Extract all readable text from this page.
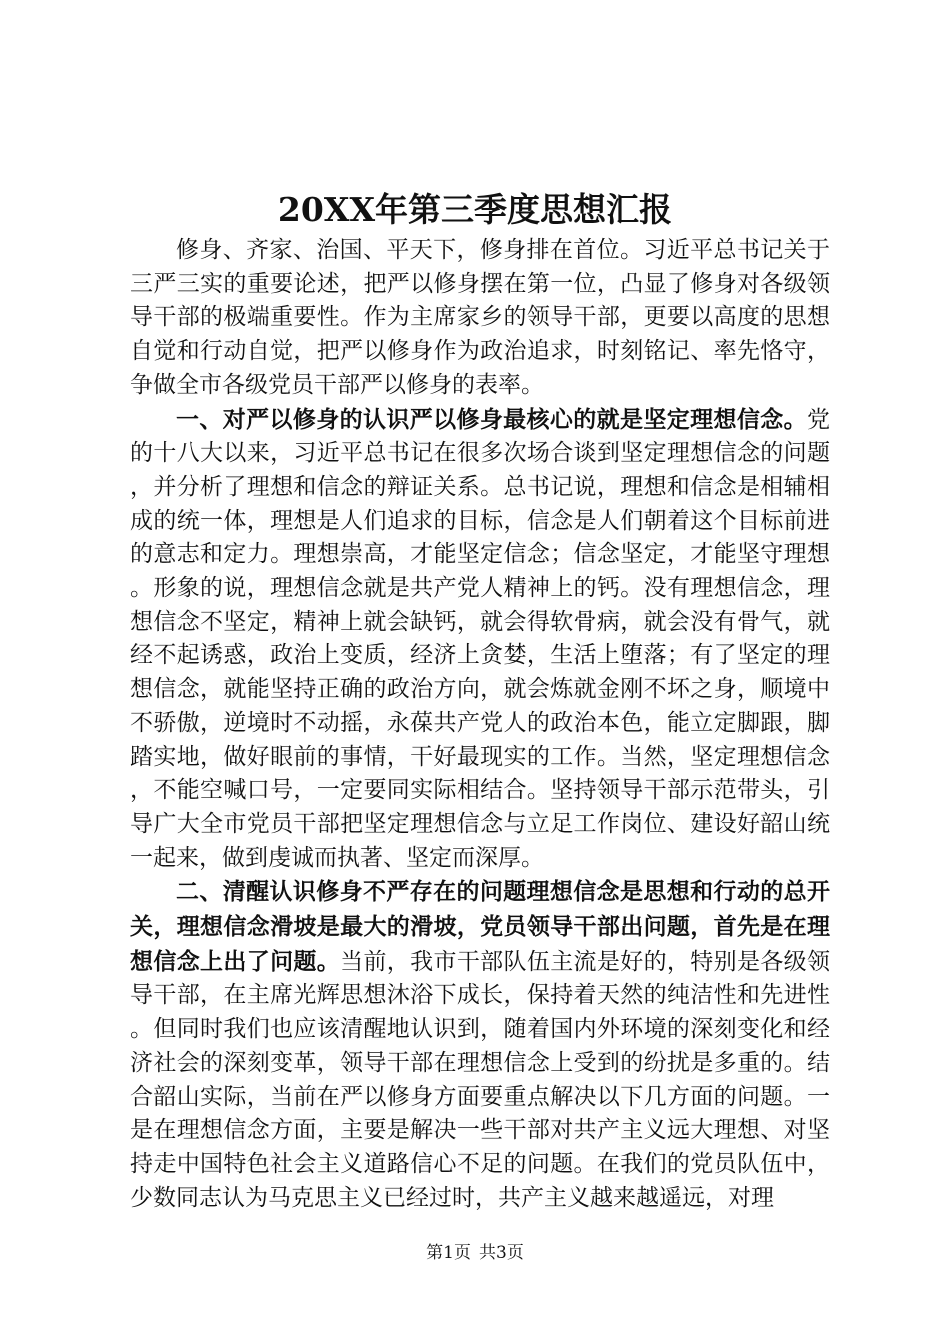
20XX年第三季度思想汇报

修身、齐家、治国、平天下，修身排在首位。习近平总书记关于三严三实的重要论述，把严以修身摆在第一位，凸显了修身对各级领导干部的极端重要性。作为主席家乡的领导干部，更要以高度的思想自觉和行动自觉，把严以修身作为政治追求，时刻铭记、率先恪守，争做全市各级党员干部严以修身的表率。

一、对严以修身的认识严以修身最核心的就是坚定理想信念。党的十八大以来，习近平总书记在很多次场合谈到坚定理想信念的问题，并分析了理想和信念的辩证关系。总书记说，理想和信念是相辅相成的统一体，理想是人们追求的目标，信念是人们朝着这个目标前进的意志和定力。理想崇高，才能坚定信念；信念坚定，才能坚守理想。形象的说，理想信念就是共产党人精神上的钙。没有理想信念，理想信念不坚定，精神上就会缺钙，就会得软骨病，就会没有骨气，就经不起诱惑，政治上变质，经济上贪婪，生活上堕落；有了坚定的理想信念，就能坚持正确的政治方向，就会炼就金刚不坏之身，顺境中不骄傲，逆境时不动摇，永葆共产党人的政治本色，能立定脚跟，脚踏实地，做好眼前的事情，干好最现实的工作。当然，坚定理想信念，不能空喊口号，一定要同实际相结合。坚持领导干部示范带头，引导广大全市党员干部把坚定理想信念与立足工作岗位、建设好韶山统一起来，做到虔诚而执著、坚定而深厚。

二、清醒认识修身不严存在的问题理想信念是思想和行动的总开关，理想信念滑坡是最大的滑坡，党员领导干部出问题，首先是在理想信念上出了问题。当前，我市干部队伍主流是好的，特别是各级领导干部，在主席光辉思想沐浴下成长，保持着天然的纯洁性和先进性。但同时我们也应该清醒地认识到，随着国内外环境的深刻变化和经济社会的深刻变革，领导干部在理想信念上受到的纷扰是多重的。结合韶山实际，当前在严以修身方面要重点解决以下几方面的问题。一是在理想信念方面，主要是解决一些干部对共产主义远大理想、对坚持走中国特色社会主义道路信心不足的问题。在我们的党员队伍中，少数同志认为马克思主义已经过时，共产主义越来越遥远，对理

第1页 共3页
